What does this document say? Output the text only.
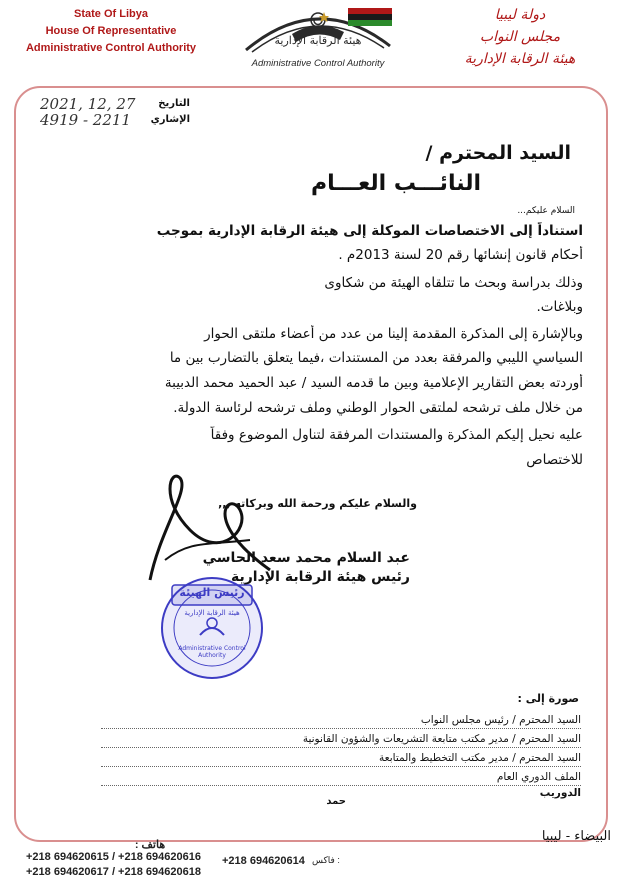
State Of Libya
House Of Representative
Administrative Control Authority
هيئة الرقابة الإدارية
Administrative Control Authority
دولة ليبيا
مجلس النواب
هيئة الرقابة الإدارية
التاريخ
2021, 12, 27
الإشاري
4919 - 2211
السيد المحترم /
النائـــب العـــام
السلام عليكم...
استناداً إلى الاختصاصات الموكلة إلى هيئة الرقابة الإدارية بموجب
أحكام قانون إنشائها رقم 20 لسنة 2013م .
وذلك بدراسة وبحث ما تتلقاه الهيئة من شكاوى
وبلاغات.
وبالإشارة إلى المذكرة المقدمة إلينا من عدد من أعضاء ملتقى الحوار
السياسي الليبي والمرفقة بعدد من المستندات ،فيما يتعلق بالتضارب بين ما
أوردته بعض التقارير الإعلامية وبين ما قدمه السيد / عبد الحميد محمد الدبيبة
من خلال ملف ترشحه لملتقى الحوار الوطني وملف ترشحه لرئاسة الدولة.
عليه نحيل إليكم المذكرة والمستندات المرفقة لتناول الموضوع وفقاً
للاختصاص
والسلام عليكم ورحمة الله وبركاته ,,,
رئيس الهيئة
هيئة الرقابة الإدارية
Administrative Control Authority
عبد السلام محمد سعد الحاسي
رئيس هيئة الرقابة الإدارية
صورة إلى :
السيد المحترم / رئيس مجلس النواب
السيد المحترم / مدير مكتب متابعة التشريعات والشؤون القانونية
السيد المحترم / مدير مكتب التخطيط والمتابعة
الملف الدوري العام
الدوريب
حمد
البيضاء - ليبيا
هاتف :
+218 694620615 / +218 694620616
+218 694620617 / +218 694620618
+218 694620614 فاكس :
